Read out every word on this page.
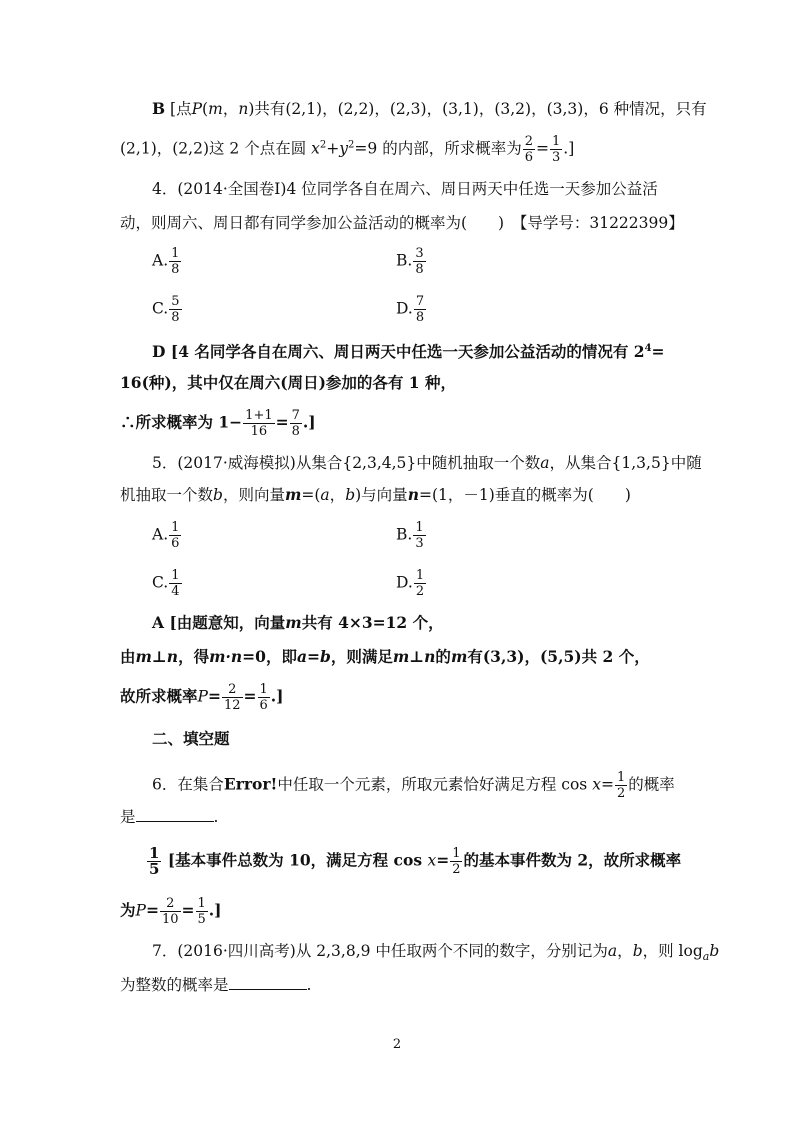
B [点P(m，n)共有(2,1)，(2,2)，(2,3)，(3,1)，(3,2)，(3,3)，6 种情况，只有
(2,1)，(2,2)这 2 个点在圆 $x^2+y^2=9$ 的内部，所求概率为 $\frac{2}{6} = \frac{1}{3}$ .]
4．(2014·全国卷Ⅰ)4 位同学各自在周六、周日两天中任选一天参加公益活
动，则周六、周日都有同学参加公益活动的概率为(　　)　【导学号：31222399】
A. $\frac{1}{8}$	B. $\frac{3}{8}$
C. $\frac{5}{8}$	D. $\frac{7}{8}$
D [4 名同学各自在周六、周日两天中任选一天参加公益活动的情况有 $2^4=$
16(种)，其中仅在周六(周日)参加的各有 1 种，
∴所求概率为 $1- \frac{1+1}{16} = \frac{7}{8}$ .]
5．(2017·威海模拟)从集合{2,3,4,5}中随机抽取一个数a，从集合{1,3,5}中随
机抽取一个数b，则向量m=(a，b)与向量n=(1，－1)垂直的概率为(　　)
A. $\frac{1}{6}$	B. $\frac{1}{3}$
C. $\frac{1}{4}$	D. $\frac{1}{2}$
A [由题意知，向量m共有 4×3=12 个，
由m⊥n，得m·n=0，即a=b，则满足m⊥n的m有(3,3)，(5,5)共 2 个，
故所求概率$P= \frac{2}{12} = \frac{1}{6}$ .]
二、填空题
6．在集合Error!中任取一个元素，所取元素恰好满足方程 $\cos x= \frac{1}{2}$ 的概率
是	.
$\frac{1}{5}$ [基本事件总数为 10，满足方程 $\cos x= \frac{1}{2}$ 的基本事件数为 2，故所求概率
为$P= \frac{2}{10} = \frac{1}{5}$ .]
7．(2016·四川高考)从 2,3,8,9 中任取两个不同的数字，分别记为a，b，则 $\log_ab$
为整数的概率是	.
2
